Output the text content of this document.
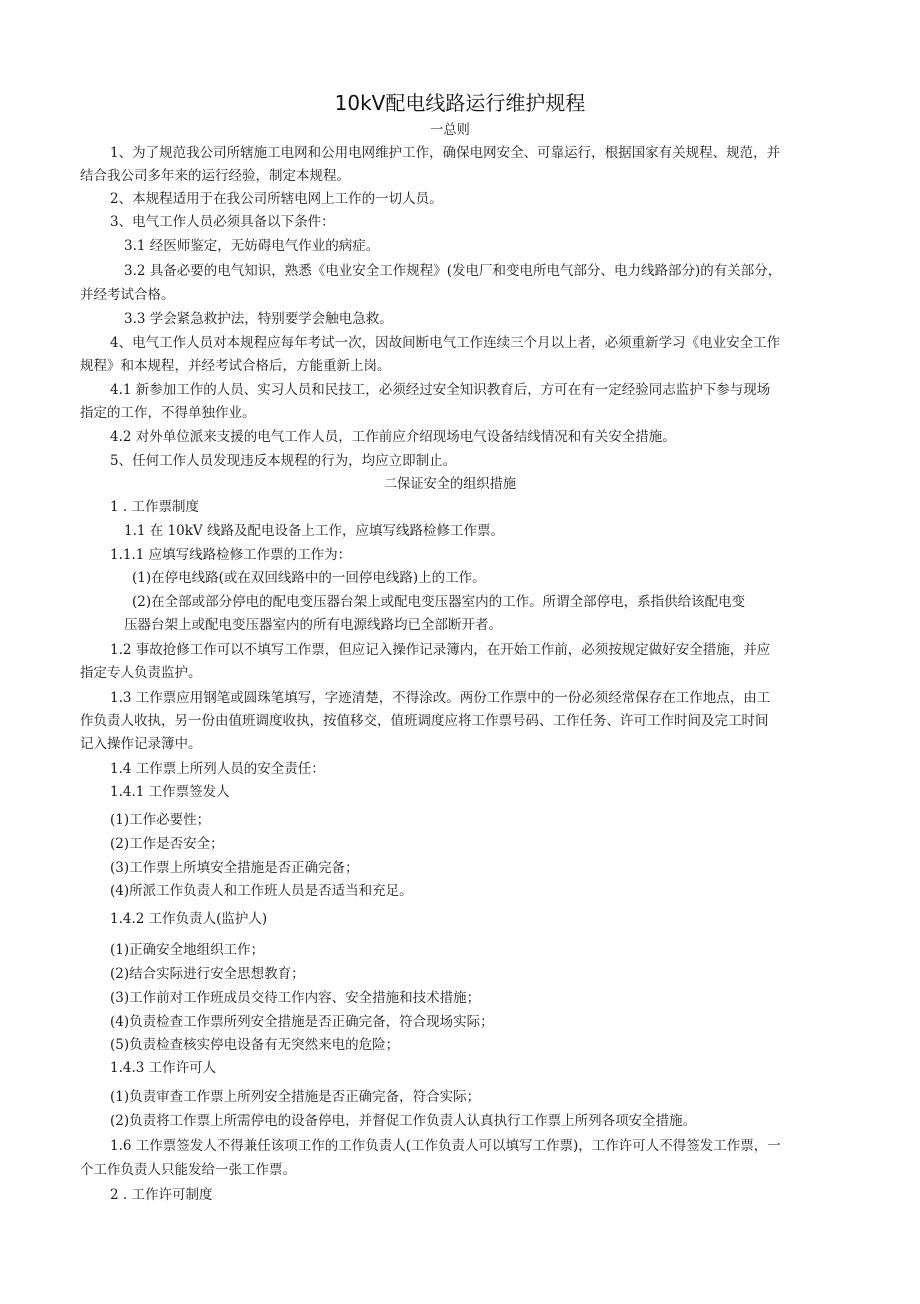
10kV配电线路运行维护规程
一总则
1、为了规范我公司所辖施工电网和公用电网维护工作，确保电网安全、可靠运行，根据国家有关规程、规范，并
结合我公司多年来的运行经验，制定本规程。
2、本规程适用于在我公司所辖电网上工作的一切人员。
3、电气工作人员必须具备以下条件：
3.1 经医师鉴定，无妨碍电气作业的病症。
3.2 具备必要的电气知识，熟悉《电业安全工作规程》(发电厂和变电所电气部分、电力线路部分)的有关部分，
并经考试合格。
3.3 学会紧急救护法，特别要学会触电急救。
4、电气工作人员对本规程应每年考试一次，因故间断电气工作连续三个月以上者，必须重新学习《电业安全工作
规程》和本规程，并经考试合格后，方能重新上岗。
4.1 新参加工作的人员、实习人员和民技工，必须经过安全知识教育后，方可在有一定经验同志监护下参与现场
指定的工作，不得单独作业。
4.2 对外单位派来支援的电气工作人员，工作前应介绍现场电气设备结线情况和有关安全措施。
5、任何工作人员发现违反本规程的行为，均应立即制止。
二保证安全的组织措施
1 . 工作票制度
1.1 在 10kV 线路及配电设备上工作，应填写线路检修工作票。
1.1.1 应填写线路检修工作票的工作为：
(1)在停电线路(或在双回线路中的一回停电线路)上的工作。
(2)在全部或部分停电的配电变压器台架上或配电变压器室内的工作。所谓全部停电，系指供给该配电变
压器台架上或配电变压器室内的所有电源线路均已全部断开者。
1.2 事故抢修工作可以不填写工作票，但应记入操作记录簿内，在开始工作前，必须按规定做好安全措施，并应
指定专人负责监护。
1.3 工作票应用钢笔或圆珠笔填写，字迹清楚，不得涂改。两份工作票中的一份必须经常保存在工作地点，由工
作负责人收执，另一份由值班调度收执，按值移交，值班调度应将工作票号码、工作任务、许可工作时间及完工时间
记入操作记录簿中。
1.4 工作票上所列人员的安全责任：
1.4.1 工作票签发人
(1)工作必要性；
(2)工作是否安全；
(3)工作票上所填安全措施是否正确完备；
(4)所派工作负责人和工作班人员是否适当和充足。
1.4.2 工作负责人(监护人)
(1)正确安全地组织工作；
(2)结合实际进行安全思想教育；
(3)工作前对工作班成员交待工作内容、安全措施和技术措施；
(4)负责检查工作票所列安全措施是否正确完备，符合现场实际；
(5)负责检查核实停电设备有无突然来电的危险；
1.4.3 工作许可人
(1)负责审查工作票上所列安全措施是否正确完备，符合实际；
(2)负责将工作票上所需停电的设备停电，并督促工作负责人认真执行工作票上所列各项安全措施。
1.6 工作票签发人不得兼任该项工作的工作负责人(工作负责人可以填写工作票)，工作许可人不得签发工作票，一
个工作负责人只能发给一张工作票。
2 . 工作许可制度
